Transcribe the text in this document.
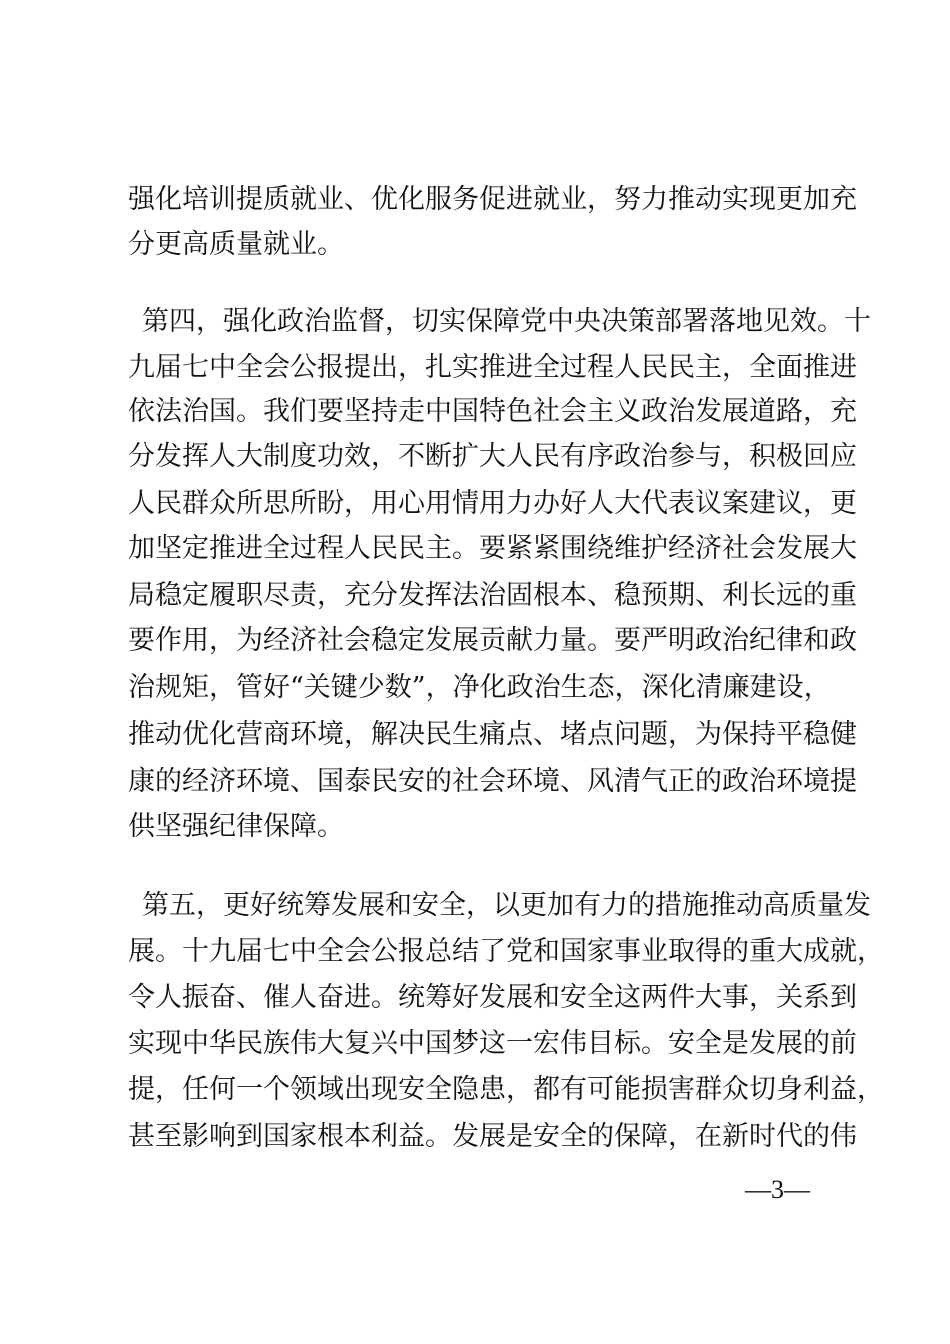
强化培训提质就业、优化服务促进就业，努力推动实现更加充
分更高质量就业。
第四，强化政治监督，切实保障党中央决策部署落地见效。十
九届七中全会公报提出，扎实推进全过程人民民主，全面推进
依法治国。我们要坚持走中国特色社会主义政治发展道路，充
分发挥人大制度功效，不断扩大人民有序政治参与，积极回应
人民群众所思所盼，用心用情用力办好人大代表议案建议，更
加坚定推进全过程人民民主。要紧紧围绕维护经济社会发展大
局稳定履职尽责，充分发挥法治固根本、稳预期、利长远的重
要作用，为经济社会稳定发展贡献力量。要严明政治纪律和政
治规矩，管好“关键少数”，净化政治生态，深化清廉建设，
推动优化营商环境，解决民生痛点、堵点问题，为保持平稳健
康的经济环境、国泰民安的社会环境、风清气正的政治环境提
供坚强纪律保障。
第五，更好统筹发展和安全，以更加有力的措施推动高质量发
展。十九届七中全会公报总结了党和国家事业取得的重大成就，
令人振奋、催人奋进。统筹好发展和安全这两件大事，关系到
实现中华民族伟大复兴中国梦这一宏伟目标。安全是发展的前
提，任何一个领域出现安全隐患，都有可能损害群众切身利益，
甚至影响到国家根本利益。发展是安全的保障，在新时代的伟
—3—
